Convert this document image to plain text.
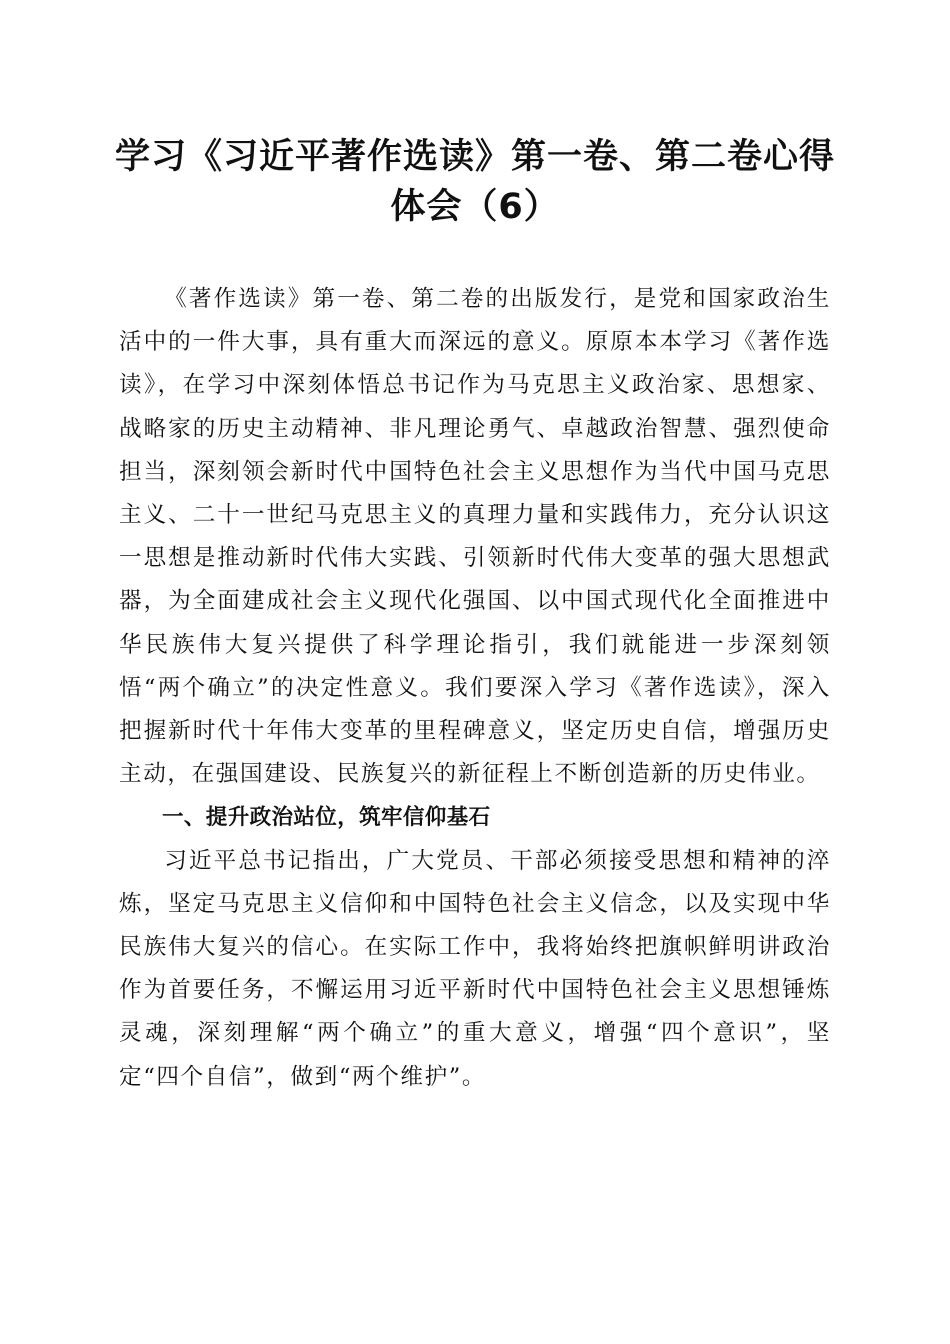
学习《习近平著作选读》第一卷、第二卷心得
体会（6）

《著作选读》第一卷、第二卷的出版发行，是党和国家政治生活中的一件大事，具有重大而深远的意义。原原本本学习《著作选读》，在学习中深刻体悟总书记作为马克思主义政治家、思想家、战略家的历史主动精神、非凡理论勇气、卓越政治智慧、强烈使命担当，深刻领会新时代中国特色社会主义思想作为当代中国马克思主义、二十一世纪马克思主义的真理力量和实践伟力，充分认识这一思想是推动新时代伟大实践、引领新时代伟大变革的强大思想武器，为全面建成社会主义现代化强国、以中国式现代化全面推进中华民族伟大复兴提供了科学理论指引，我们就能进一步深刻领悟“两个确立”的决定性意义。我们要深入学习《著作选读》，深入把握新时代十年伟大变革的里程碑意义，坚定历史自信，增强历史主动，在强国建设、民族复兴的新征程上不断创造新的历史伟业。

一、提升政治站位，筑牢信仰基石

习近平总书记指出，广大党员、干部必须接受思想和精神的淬炼，坚定马克思主义信仰和中国特色社会主义信念，以及实现中华民族伟大复兴的信心。在实际工作中，我将始终把旗帜鲜明讲政治作为首要任务，不懈运用习近平新时代中国特色社会主义思想锤炼灵魂，深刻理解“两个确立”的重大意义，增强“四个意识”，坚定“四个自信”，做到“两个维护”。
